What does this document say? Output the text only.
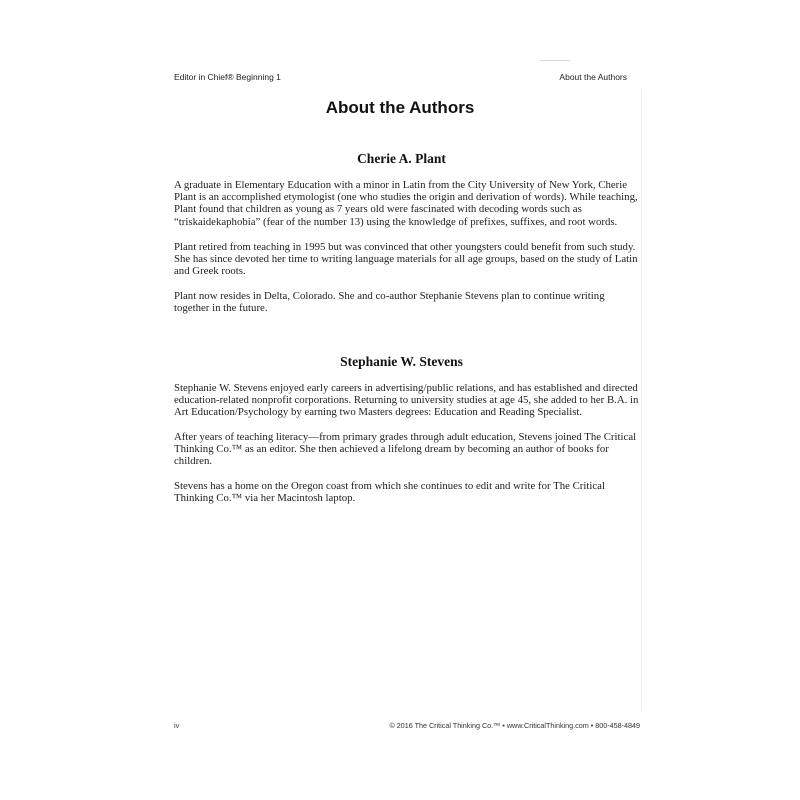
Editor in Chief® Beginning 1	About the Authors
About the Authors
Cherie A. Plant

A graduate in Elementary Education with a minor in Latin from the City University of New York, Cherie Plant is an accomplished etymologist (one who studies the origin and derivation of words). While teaching, Plant found that children as young as 7 years old were fascinated with decoding words such as “triskaidekaphobia” (fear of the number 13) using the knowledge of prefixes, suffixes, and root words.

Plant retired from teaching in 1995 but was convinced that other youngsters could benefit from such study. She has since devoted her time to writing language materials for all age groups, based on the study of Latin and Greek roots.

Plant now resides in Delta, Colorado. She and co-author Stephanie Stevens plan to continue writing together in the future.

Stephanie W. Stevens

Stephanie W. Stevens enjoyed early careers in advertising/public relations, and has established and directed education-related nonprofit corporations. Returning to university studies at age 45, she added to her B.A. in Art Education/Psychology by earning two Masters degrees: Education and Reading Specialist.

After years of teaching literacy—from primary grades through adult education, Stevens joined The Critical Thinking Co.™ as an editor. She then achieved a lifelong dream by becoming an author of books for children.

Stevens has a home on the Oregon coast from which she continues to edit and write for The Critical Thinking Co.™ via her Macintosh laptop.

iv	© 2016 The Critical Thinking Co.™ • www.CriticalThinking.com • 800-458-4849
